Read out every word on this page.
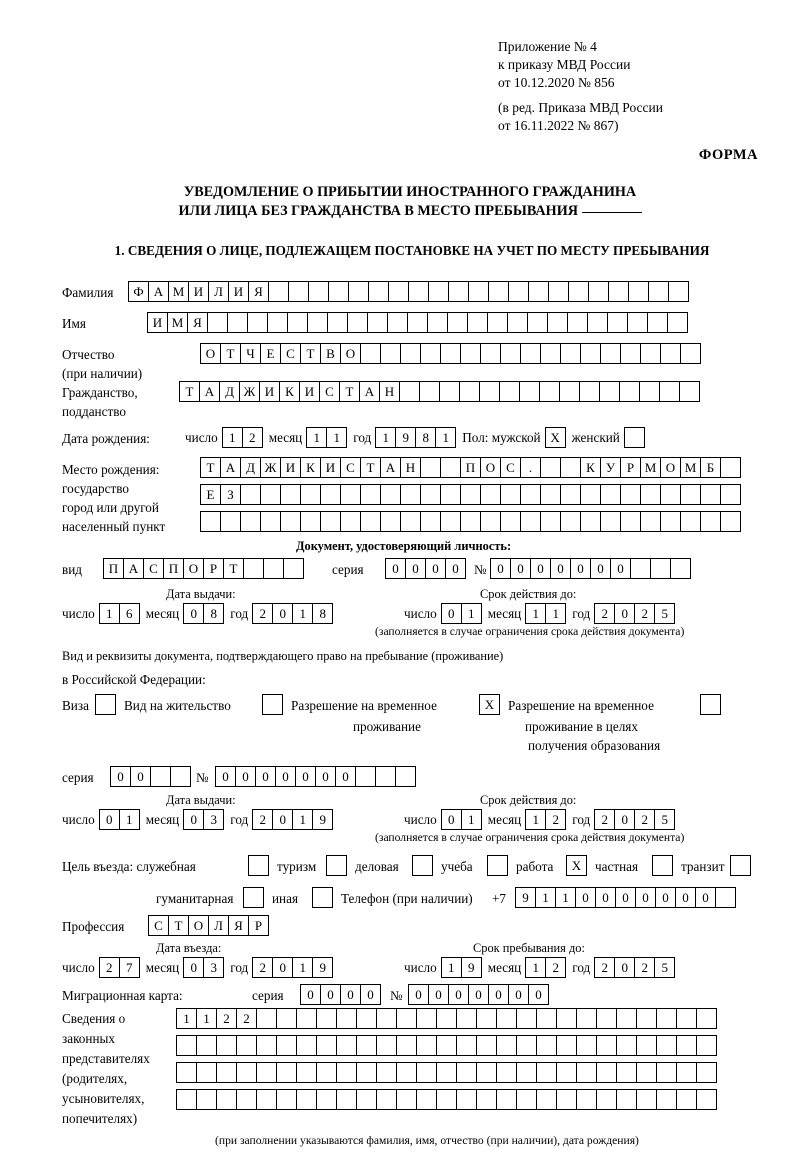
Приложение № 4
к приказу МВД России
от 10.12.2020 № 856
(в ред. Приказа МВД России
от 16.11.2022 № 867)
ФОРМА
УВЕДОМЛЕНИЕ О ПРИБЫТИИ ИНОСТРАННОГО ГРАЖДАНИНА
ИЛИ ЛИЦА БЕЗ ГРАЖДАНСТВА В МЕСТО ПРЕБЫВАНИЯ
1. СВЕДЕНИЯ О ЛИЦЕ, ПОДЛЕЖАЩЕМ ПОСТАНОВКЕ НА УЧЕТ ПО МЕСТУ ПРЕБЫВАНИЯ
Фамилия	Ф А М И Л И Я
Имя	И М Я
Отчество
(при наличии)
О Т Ч Е С Т В О
Гражданство,
подданство
Т А Д Ж И К И С Т А Н
Дата рождения:	число 1	2	месяц 1	1	год 1	9	8	1	Пол: мужской Х женский
Место рождения:
государство
город или другой
населенный пункт
Т А Д Ж И К И С Т А Н	П О С	.	К У Р М О М Б
Е З
Документ, удостоверяющий личность:
вид	П А С П О Р Т	серия	0	0	0	0	№ 0	0	0	0	0	0	0
Дата выдачи:	Срок действия до:
число 1	6	месяц 0	8	год 2	0	1	8	число 0	1	месяц 1	1	год 2	0	2	5
(заполняется в случае ограничения срока действия документа)
Вид и реквизиты документа, подтверждающего право на пребывание (проживание)
в Российской Федерации:
Виза	Вид на жительство	Разрешение на временное
проживание
Х	Разрешение на временное
проживание в целях
получения образования
серия	0	0	№	0	0	0	0	0	0	0
Дата выдачи:	Срок действия до:
число 0	1	месяц 0	3	год 2	0	1	9	число 0	1	месяц 1	2	год 2	0	2	5
(заполняется в случае ограничения срока действия документа)
Цель въезда: служебная	туризм	деловая	учеба	работа	Х	частная	транзит
гуманитарная	иная	Телефон (при наличии) +7	9	1	1	0	0	0	0	0	0	0
Профессия	С Т О Л Я Р
Дата въезда:	Срок пребывания до:
число 2	7	месяц 0	3	год 2	0	1	9	число 1	9	месяц 1	2	год 2	0	2	5
Миграционная карта:	серия	0	0	0	0	№ 0	0	0	0	0	0	0
Сведения о
законных
представителях
(родителях,
усыновителях,
попечителях)
1	1	2	2
(при заполнении указываются фамилия, имя, отчество (при наличии), дата рождения)
